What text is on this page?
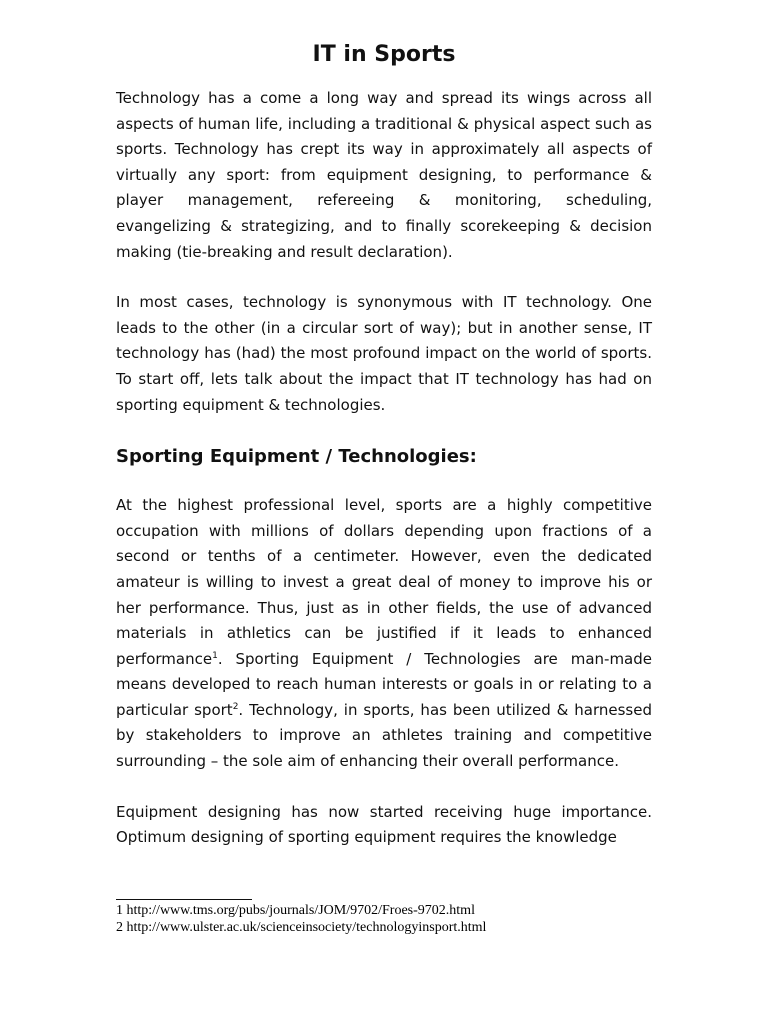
IT in Sports

Technology has a come a long way and spread its wings across all aspects of human life, including a traditional & physical aspect such as sports. Technology has crept its way in approximately all aspects of virtually any sport: from equipment designing, to performance & player management, refereeing & monitoring, scheduling, evangelizing & strategizing, and to finally scorekeeping & decision making (tie-breaking and result declaration).

In most cases, technology is synonymous with IT technology. One leads to the other (in a circular sort of way); but in another sense, IT technology has (had) the most profound impact on the world of sports. To start off, lets talk about the impact that IT technology has had on sporting equipment & technologies.

Sporting Equipment / Technologies:

At the highest professional level, sports are a highly competitive occupation with millions of dollars depending upon fractions of a second or tenths of a centimeter. However, even the dedicated amateur is willing to invest a great deal of money to improve his or her performance. Thus, just as in other fields, the use of advanced materials in athletics can be justified if it leads to enhanced performance$^1$. Sporting Equipment / Technologies are man-made means developed to reach human interests or goals in or relating to a particular sport$^2$. Technology, in sports, has been utilized & harnessed by stakeholders to improve an athletes training and competitive surrounding – the sole aim of enhancing their overall performance.

Equipment designing has now started receiving huge importance. Optimum designing of sporting equipment requires the knowledge

1 http://www.tms.org/pubs/journals/JOM/9702/Froes-9702.html
2 http://www.ulster.ac.uk/scienceinsociety/technologyinsport.html
